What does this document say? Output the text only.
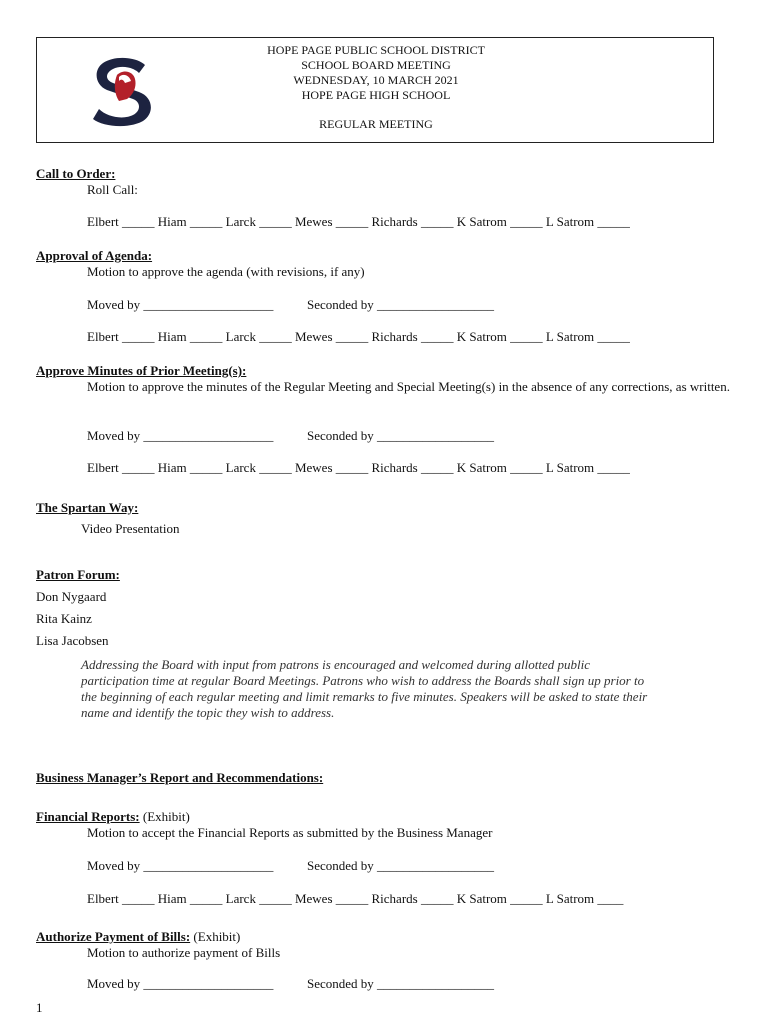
HOPE PAGE PUBLIC SCHOOL DISTRICT
SCHOOL BOARD MEETING
WEDNESDAY, 10 MARCH 2021
HOPE PAGE HIGH SCHOOL
REGULAR MEETING
Call to Order:
Roll Call:
Elbert _____ Hiam _____ Larck _____ Mewes _____ Richards _____ K Satrom _____ L Satrom _____
Approval of Agenda:
Motion to approve the agenda (with revisions, if any)
Moved by ____________________	Seconded by __________________
Elbert _____ Hiam _____ Larck _____ Mewes _____ Richards _____ K Satrom _____ L Satrom _____
Approve Minutes of Prior Meeting(s):
Motion to approve the minutes of the Regular Meeting and Special Meeting(s) in the absence of any corrections, as written.
Moved by ____________________	Seconded by __________________
Elbert _____ Hiam _____ Larck _____ Mewes _____ Richards _____ K Satrom _____ L Satrom _____
The Spartan Way:
Video Presentation
Patron Forum:
Don Nygaard
Rita Kainz
Lisa Jacobsen
Addressing the Board with input from patrons is encouraged and welcomed during allotted public
participation time at regular Board Meetings. Patrons who wish to address the Boards shall sign up prior to
the beginning of each regular meeting and limit remarks to five minutes. Speakers will be asked to state their
name and identify the topic they wish to address.
Business Manager’s Report and Recommendations:
Financial Reports: (Exhibit)
Motion to accept the Financial Reports as submitted by the Business Manager
Moved by ____________________	Seconded by __________________
Elbert _____ Hiam _____ Larck _____ Mewes _____ Richards _____ K Satrom _____ L Satrom ____
Authorize Payment of Bills: (Exhibit)
Motion to authorize payment of Bills
Moved by ____________________	Seconded by __________________
1
